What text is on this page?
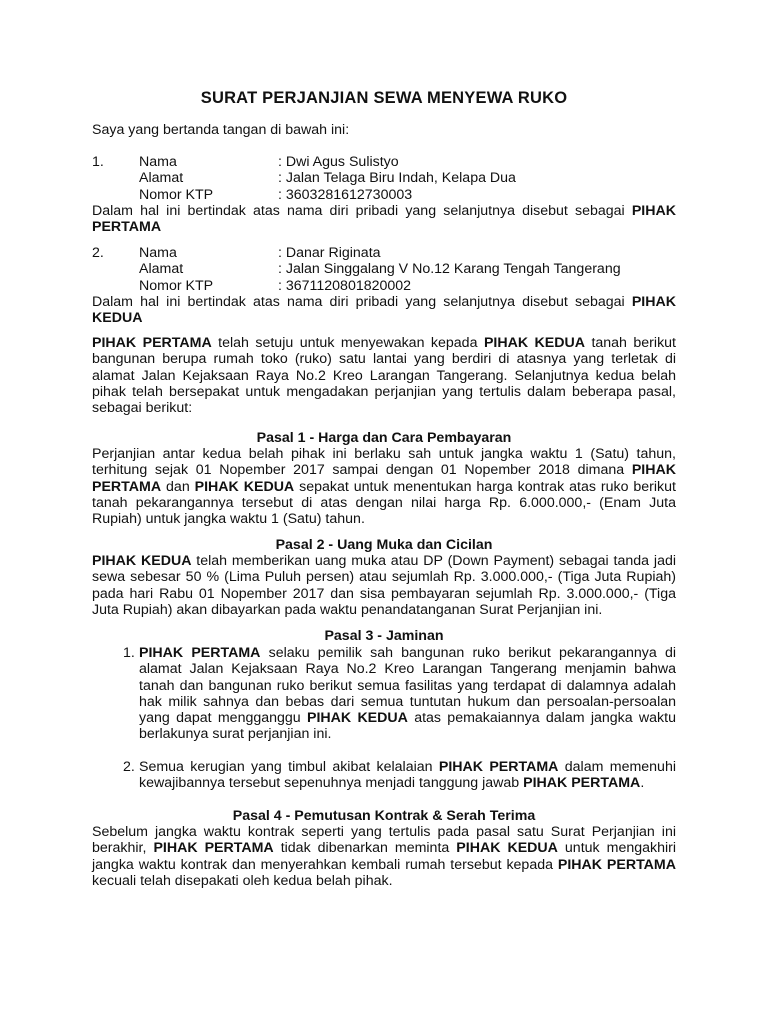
SURAT PERJANJIAN SEWA MENYEWA RUKO
Saya yang bertanda tangan di bawah ini:
1.	Nama	: Dwi Agus Sulistyo
Alamat	: Jalan Telaga Biru Indah, Kelapa Dua
Nomor KTP	: 3603281612730003

Dalam hal ini bertindak atas nama diri pribadi yang selanjutnya disebut sebagai PIHAK PERTAMA

2.	Nama	: Danar Riginata
Alamat	: Jalan Singgalang V No.12 Karang Tengah Tangerang
Nomor KTP	: 3671120801820002

Dalam hal ini bertindak atas nama diri pribadi yang selanjutnya disebut sebagai PIHAK KEDUA

PIHAK PERTAMA telah setuju untuk menyewakan kepada PIHAK KEDUA tanah berikut bangunan berupa rumah toko (ruko) satu lantai yang berdiri di atasnya yang terletak di alamat Jalan Kejaksaan Raya No.2 Kreo Larangan Tangerang. Selanjutnya kedua belah pihak telah bersepakat untuk mengadakan perjanjian yang tertulis dalam beberapa pasal, sebagai berikut:

Pasal 1 - Harga dan Cara Pembayaran

Perjanjian antar kedua belah pihak ini berlaku sah untuk jangka waktu 1 (Satu) tahun, terhitung sejak 01 Nopember 2017 sampai dengan 01 Nopember 2018 dimana PIHAK PERTAMA dan PIHAK KEDUA sepakat untuk menentukan harga kontrak atas ruko berikut tanah pekarangannya tersebut di atas dengan nilai harga Rp. 6.000.000,- (Enam Juta Rupiah) untuk jangka waktu 1 (Satu) tahun.

Pasal 2 - Uang Muka dan Cicilan

PIHAK KEDUA telah memberikan uang muka atau DP (Down Payment) sebagai tanda jadi sewa sebesar 50 % (Lima Puluh persen) atau sejumlah Rp. 3.000.000,- (Tiga Juta Rupiah) pada hari Rabu 01 Nopember 2017 dan sisa pembayaran sejumlah Rp. 3.000.000,- (Tiga Juta Rupiah) akan dibayarkan pada waktu penandatanganan Surat Perjanjian ini.

Pasal 3 - Jaminan
1. PIHAK PERTAMA selaku pemilik sah bangunan ruko berikut pekarangannya di alamat Jalan Kejaksaan Raya No.2 Kreo Larangan Tangerang menjamin bahwa tanah dan bangunan ruko berikut semua fasilitas yang terdapat di dalamnya adalah hak milik sahnya dan bebas dari semua tuntutan hukum dan persoalan-persoalan yang dapat mengganggu PIHAK KEDUA atas pemakaiannya dalam jangka waktu berlakunya surat perjanjian ini.

2. Semua kerugian yang timbul akibat kelalaian PIHAK PERTAMA dalam memenuhi kewajibannya tersebut sepenuhnya menjadi tanggung jawab PIHAK PERTAMA.

Pasal 4 - Pemutusan Kontrak & Serah Terima

Sebelum jangka waktu kontrak seperti yang tertulis pada pasal satu Surat Perjanjian ini berakhir, PIHAK PERTAMA tidak dibenarkan meminta PIHAK KEDUA untuk mengakhiri jangka waktu kontrak dan menyerahkan kembali rumah tersebut kepada PIHAK PERTAMA kecuali telah disepakati oleh kedua belah pihak.
